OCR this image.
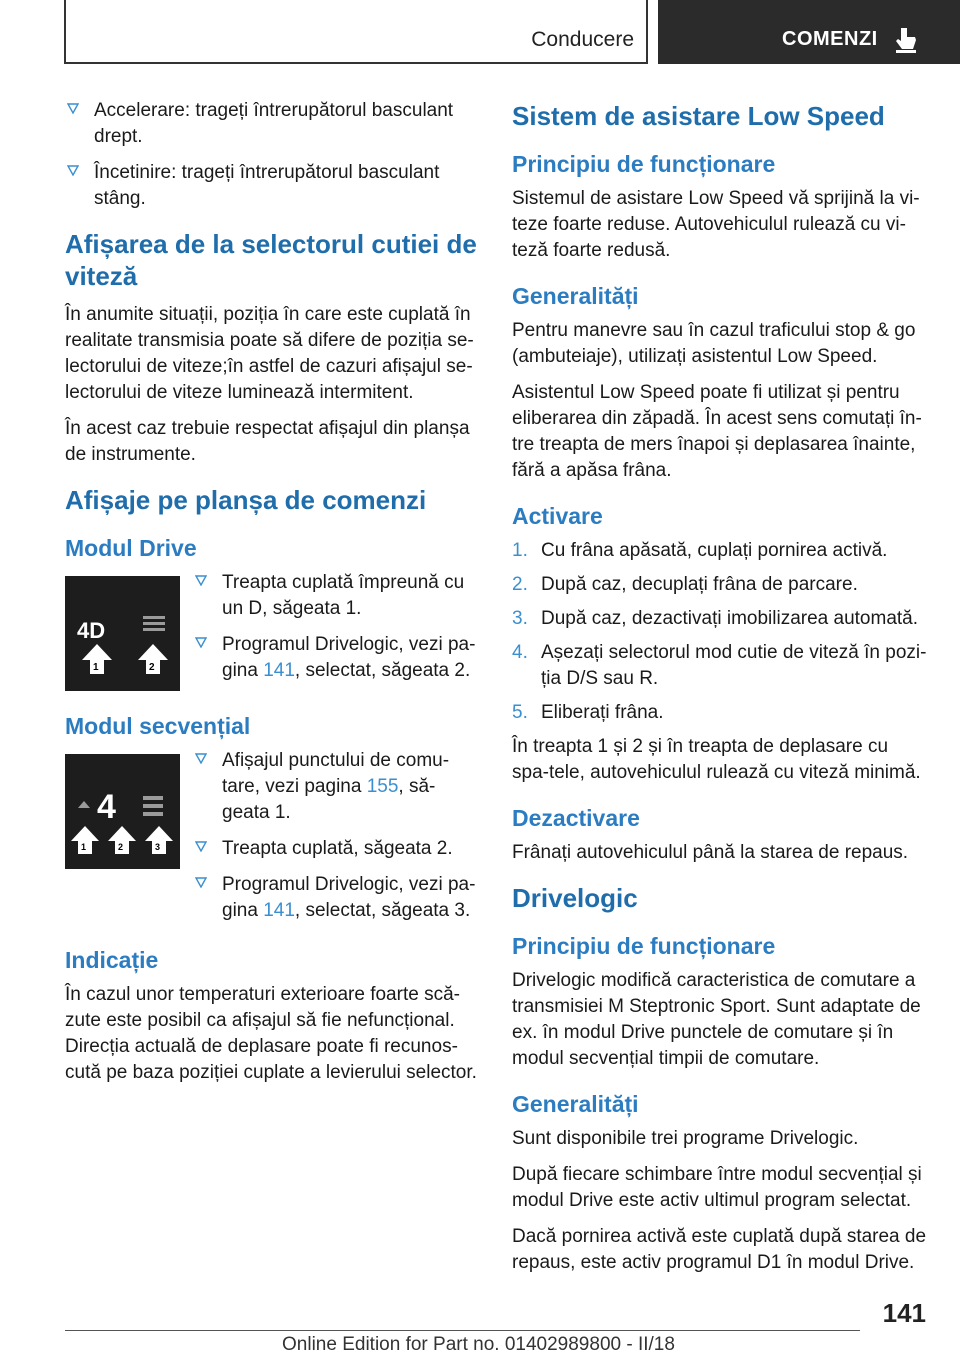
Conducere	COMENZI
Accelerare: trageți întrerupătorul basculant drept.
Încetinire: trageți întrerupătorul basculant stâng.
Afișarea de la selectorul cutiei de viteză

În anumite situații, poziția în care este cuplată în realitate transmisia poate să difere de poziția se-lectorului de viteze;în astfel de cazuri afișajul se-lectorului de viteze luminează intermitent.

În acest caz trebuie respectat afișajul din planșa de instrumente.

Afișaje pe planșa de comenzi
Modul Drive
4D
1	2
Treapta cuplată împreună cu un D, săgeata 1.
Programul Drivelogic, vezi pa-gina 141, selectat, săgeata 2.
Modul secvențial
4
1	2	3
Afișajul punctului de comu-tare, vezi pagina 155, să-geata 1.
Treapta cuplată, săgeata 2.
Programul Drivelogic, vezi pa-gina 141, selectat, săgeata 3.
Indicație

În cazul unor temperaturi exterioare foarte scă-zute este posibil ca afișajul să fie nefuncțional. Direcția actuală de deplasare poate fi recunos-cută pe baza poziției cuplate a levierului selector.

Sistem de asistare Low Speed
Principiu de funcționare

Sistemul de asistare Low Speed vă sprijină la vi-teze foarte reduse. Autovehiculul rulează cu vi-teză foarte redusă.

Generalități

Pentru manevre sau în cazul traficului stop & go (ambuteiaje), utilizați asistentul Low Speed.

Asistentul Low Speed poate fi utilizat și pentru eliberarea din zăpadă. În acest sens comutați în-tre treapta de mers înapoi și deplasarea înainte, fără a apăsa frâna.

Activare
1. Cu frâna apăsată, cuplați pornirea activă.
2. După caz, decuplați frâna de parcare.
3. După caz, dezactivați imobilizarea automată.
4. Așezați selectorul mod cutie de viteză în pozi-ția D/S sau R.
5. Eliberați frâna.

În treapta 1 și 2 și în treapta de deplasare cu spa-tele, autovehiculul rulează cu viteză minimă.

Dezactivare

Frânați autovehiculul până la starea de repaus.

Drivelogic
Principiu de funcționare

Drivelogic modifică caracteristica de comutare a transmisiei M Steptronic Sport. Sunt adaptate de ex. în modul Drive punctele de comutare și în modul secvențial timpii de comutare.

Generalități

Sunt disponibile trei programe Drivelogic.

După fiecare schimbare între modul secvențial și modul Drive este activ ultimul program selectat.

Dacă pornirea activă este cuplată după starea de repaus, este activ programul D1 în modul Drive.

141
Online Edition for Part no. 01402989800 - II/18
